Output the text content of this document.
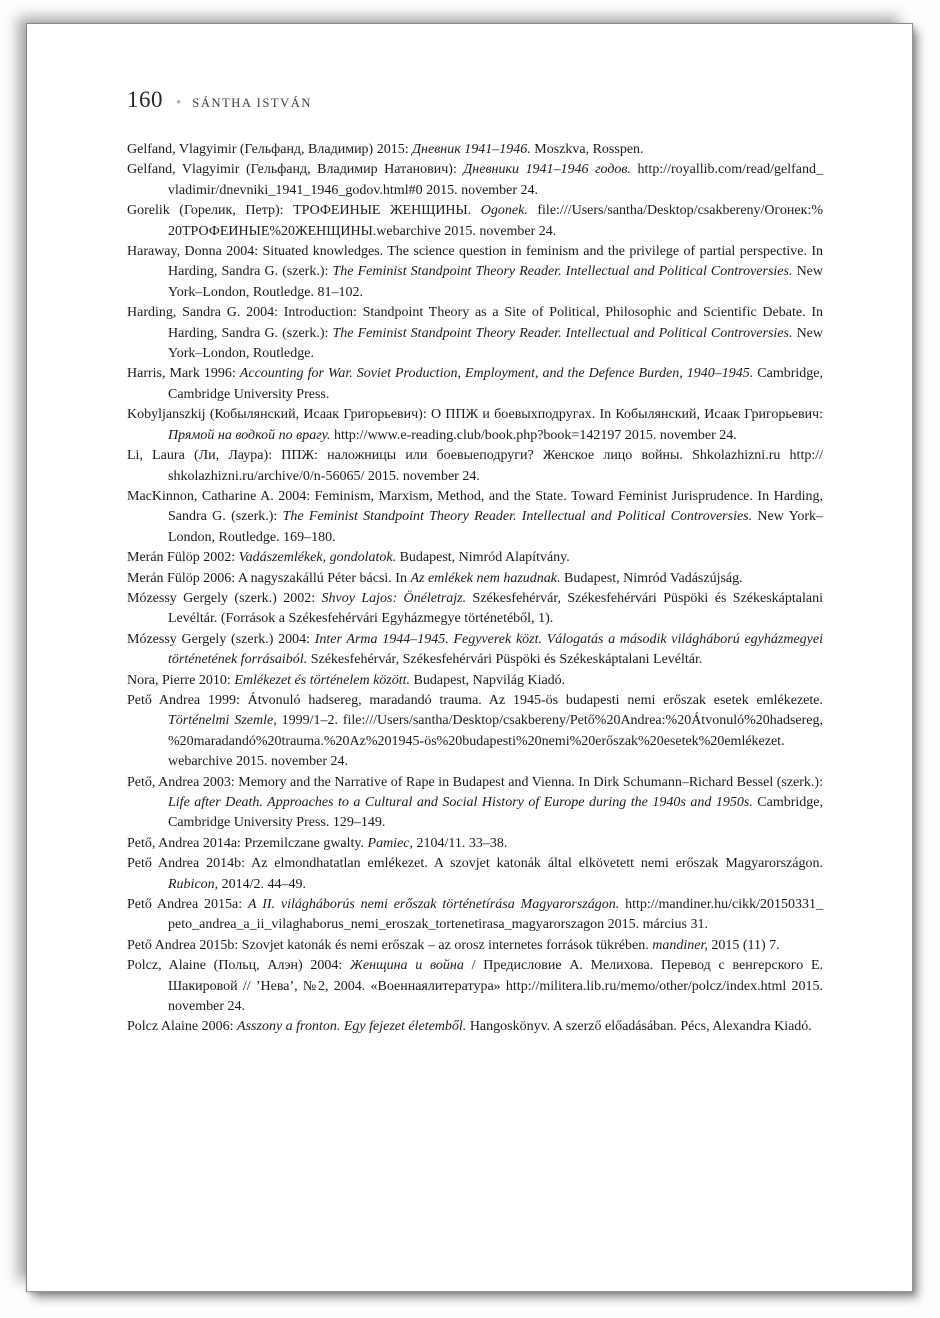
160 • SÁNTHA ISTVÁN

Gelfand, Vlagyimir (Гельфанд, Владимир) 2015: Дневник 1941–1946. Moszkva, Rosspen.

Gelfand, Vlagyimir (Гельфанд, Владимир Натанович): Дневники 1941–1946 годов. http:​/​/​royallib.​com/​read/​gelfand_​vladimir/​dnevniki_​1941_​1946_​godov.​html#​0 2015. november 24.

Gorelik (Горелик, Петр): ТРОФЕИНЫЕ ЖЕНЩИНЫ. Ogonek. file:​/​/​/​Users/​santha/​Desktop/​csakbereny/​Огонек:​%​20ТРОФЕИНЫЕ%​20ЖЕНЩИНЫ.​webarchive 2015. november 24.

Haraway, Donna 2004: Situated knowledges. The science question in feminism and the privilege of partial perspective. In Harding, Sandra G. (szerk.): The Feminist Standpoint Theory Reader. Intellectual and Political Controversies. New York–London, Routledge. 81–102.

Harding, Sandra G. 2004: Introduction: Standpoint Theory as a Site of Political, Philosophic and Scientific Debate. In Harding, Sandra G. (szerk.): The Feminist Standpoint Theory Reader. Intellectual and Political Controversies. New York–London, Routledge.

Harris, Mark 1996: Accounting for War. Soviet Production, Employment, and the Defence Burden, 1940–1945. Cambridge, Cambridge University Press.

Kobyljanszkij (Кобылянский, Исаак Григорьевич): О ППЖ и боевыхподругах. In Кобылянский, Исаак Григорьевич: Прямой на водкой по врагу. http:​/​/​www.​e-​reading.​club/​book.​php?​book=​142197 2015. november 24.

Li, Laura (Ли, Лаура): ППЖ: наложницы или боевыеподруги? Женское лицо войны. Shkolazhizni.ru http:​/​/​shkolazhizni.​ru/​archive/​0/​n-​56065/​ 2015. november 24.

MacKinnon, Catharine A. 2004: Feminism, Marxism, Method, and the State. Toward Feminist Jurisprudence. In Harding, Sandra G. (szerk.): The Feminist Standpoint Theory Reader. Intellectual and Political Controversies. New York–London, Routledge. 169–180.

Merán Fülöp 2002: Vadászemlékek, gondolatok. Budapest, Nimród Alapítvány.

Merán Fülöp 2006: A nagyszakállú Péter bácsi. In Az emlékek nem hazudnak. Budapest, Nimród Vadászújság.

Mózessy Gergely (szerk.) 2002: Shvoy Lajos: Önéletrajz. Székesfehérvár, Székesfehérvári Püspöki és Székeskáptalani Levéltár. (Források a Székesfehérvári Egyházmegye történetéből, 1).

Mózessy Gergely (szerk.) 2004: Inter Arma 1944–1945. Fegyverek közt. Válogatás a második világháború egyházmegyei történetének forrásaiból. Székesfehérvár, Székesfehérvári Püspöki és Székeskáptalani Levéltár.

Nora, Pierre 2010: Emlékezet és történelem között. Budapest, Napvilág Kiadó.

Pető Andrea 1999: Átvonuló hadsereg, maradandó trauma. Az 1945-ös budapesti nemi erőszak esetek emlékezete. Történelmi Szemle, 1999/1–2. file:​/​/​/​Users/​santha/​Desktop/​csakbereny/​Pető%​20Andrea:​%​20Átvonuló%​20hadsereg,​%​20maradandó%​20trauma.​%​20Az%​201945-​ös%​20budapesti%​20nemi%​20erőszak%​20esetek%​20emlékezet.​webarchive 2015. november 24.

Pető, Andrea 2003: Memory and the Narrative of Rape in Budapest and Vienna. In Dirk Schumann–Richard Bessel (szerk.): Life after Death. Approaches to a Cultural and Social History of Europe during the 1940s and 1950s. Cambridge, Cambridge University Press. 129–149.

Pető, Andrea 2014a: Przemilczane gwalty. Pamiec, 2104/11. 33–38.

Pető Andrea 2014b: Az elmondhatatlan emlékezet. A szovjet katonák által elkövetett nemi erőszak Magyarországon. Rubicon, 2014/2. 44–49.

Pető Andrea 2015a: A II. világháborús nemi erőszak történetírása Magyarországon. http:​/​/​mandiner.​hu/​cikk/​20150331_​peto_​andrea_​a_​ii_​vilaghaborus_​nemi_​eroszak_​tortenetirasa_​magyarorszagon 2015. március 31.

Pető Andrea 2015b: Szovjet katonák és nemi erőszak – az orosz internetes források tükrében. mandiner, 2015 (11) 7.

Polcz, Alaine (Польц, Алэн) 2004: Женщина и война / Предисловие А. Мелихова. Перевод с венгерского Е. Шакировой // ’Нева’, №2, 2004. «Военнаялитература» http:​/​/​militera.​lib.​ru/​memo/​other/​polcz/​index.​html 2015. november 24.

Polcz Alaine 2006: Asszony a fronton. Egy fejezet életemből. Hangoskönyv. A szerző előadásában. Pécs, Alexandra Kiadó.
